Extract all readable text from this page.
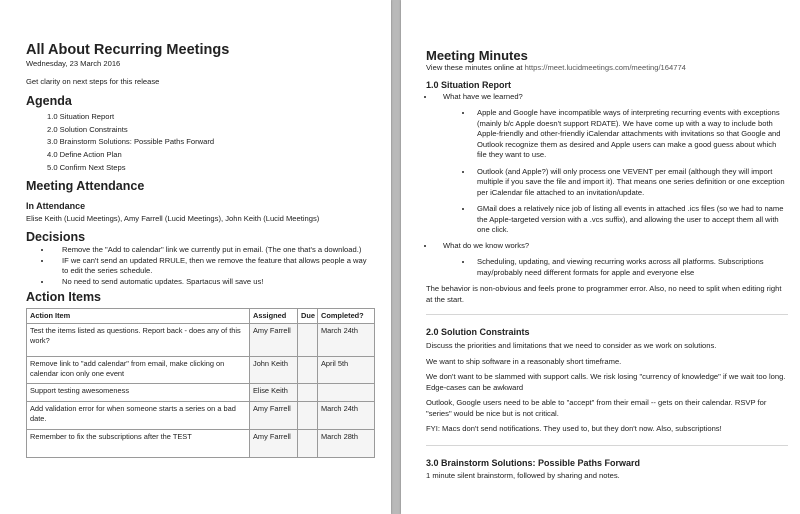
All About Recurring Meetings
Wednesday, 23 March 2016
Get clarity on next steps for this release
Agenda
1.0 Situation Report
2.0 Solution Constraints
3.0 Brainstorm Solutions: Possible Paths Forward
4.0 Define Action Plan
5.0 Confirm Next Steps
Meeting Attendance
In Attendance
Elise Keith (Lucid Meetings), Amy Farrell (Lucid Meetings), John Keith (Lucid Meetings)
Decisions
• Remove the "Add to calendar" link we currently put in email. (The one that's a download.)
• IF we can't send an updated RRULE, then we remove the feature that allows people a way to edit the series schedule.
• No need to send automatic updates. Spartacus will save us!
Action Items
Action Item	Assigned	Due	Completed?
Test the items listed as questions. Report back - does any of this work?	Amy Farrell		March 24th
Remove link to "add calendar" from email, make clicking on calendar icon only one event	John Keith		April 5th
Support testing awesomeness	Elise Keith		
Add validation error for when someone starts a series on a bad date.	Amy Farrell		March 24th
Remember to fix the subscriptions after the TEST	Amy Farrell		March 28th
Meeting Minutes
View these minutes online at https://meet.lucidmeetings.com/meeting/164774
1.0 Situation Report
• What have we learned?
• Apple and Google have incompatible ways of interpreting recurring events with exceptions (mainly b/c Apple doesn't support RDATE). We have come up with a way to include both Apple-friendly and other-friendly iCalendar attachments with invitations so that Google and Outlook recognize them as desired and Apple users can make a good guess about which file they want to use.
• Outlook (and Apple?) will only process one VEVENT per email (although they will import multiple if you save the file and import it). That means one series definition or one exception per iCalendar file attached to an invitation/update.
• GMail does a relatively nice job of listing all events in attached .ics files (so we had to name the Apple-targeted version with a .vcs suffix), and allowing the user to accept them all with one click.
• What do we know works?
• Scheduling, updating, and viewing recurring works across all platforms. Subscriptions may/probably need different formats for apple and everyone else
The behavior is non-obvious and feels prone to programmer error. Also, no need to split when editing right at the start.
2.0 Solution Constraints
Discuss the priorities and limitations that we need to consider as we work on solutions.
We want to ship software in a reasonably short timeframe.
We don't want to be slammed with support calls. We risk losing "currency of knowledge" if we wait too long. Edge-cases can be awkward
Outlook, Google users need to be able to "accept" from their email -- gets on their calendar. RSVP for "series" would be nice but is not critical.
FYI: Macs don't send notifications. They used to, but they don't now. Also, subscriptions!
3.0 Brainstorm Solutions: Possible Paths Forward
1 minute silent brainstorm, followed by sharing and notes.
